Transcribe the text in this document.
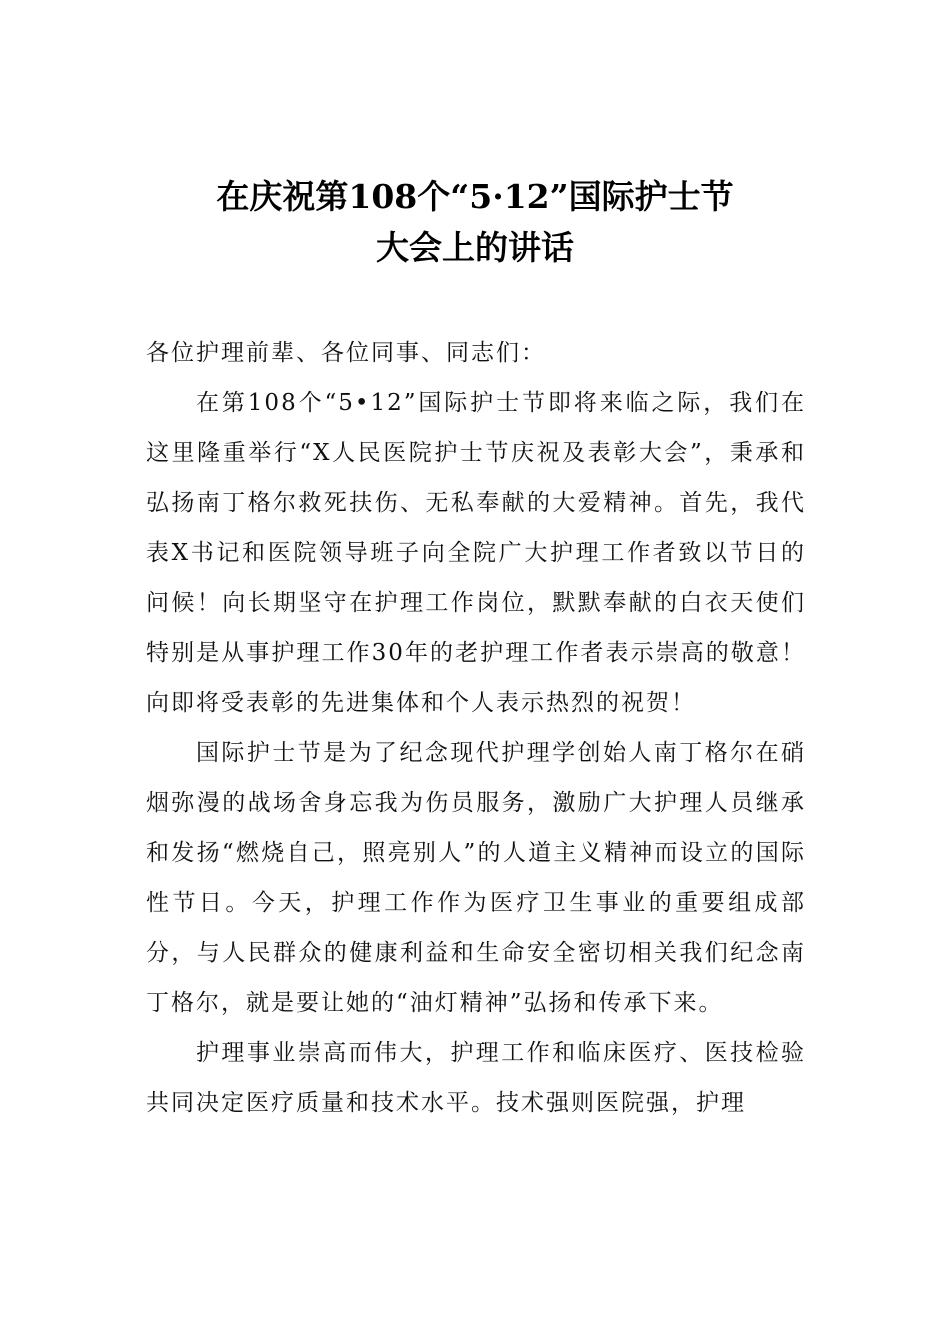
在庆祝第108个“5·12”国际护士节
大会上的讲话

各位护理前辈、各位同事、同志们：

在第108个“5•12”国际护士节即将来临之际，我们在这里隆重举行“X人民医院护士节庆祝及表彰大会”，秉承和弘扬南丁格尔救死扶伤、无私奉献的大爱精神。首先，我代表X书记和医院领导班子向全院广大护理工作者致以节日的问候！向长期坚守在护理工作岗位，默默奉献的白衣天使们特别是从事护理工作30年的老护理工作者表示崇高的敬意！向即将受表彰的先进集体和个人表示热烈的祝贺！

国际护士节是为了纪念现代护理学创始人南丁格尔在硝烟弥漫的战场舍身忘我为伤员服务，激励广大护理人员继承和发扬“燃烧自己，照亮别人”的人道主义精神而设立的国际性节日。今天，护理工作作为医疗卫生事业的重要组成部分，与人民群众的健康利益和生命安全密切相关我们纪念南丁格尔，就是要让她的“油灯精神”弘扬和传承下来。

护理事业崇高而伟大，护理工作和临床医疗、医技检验共同决定医疗质量和技术水平。技术强则医院强，护理
